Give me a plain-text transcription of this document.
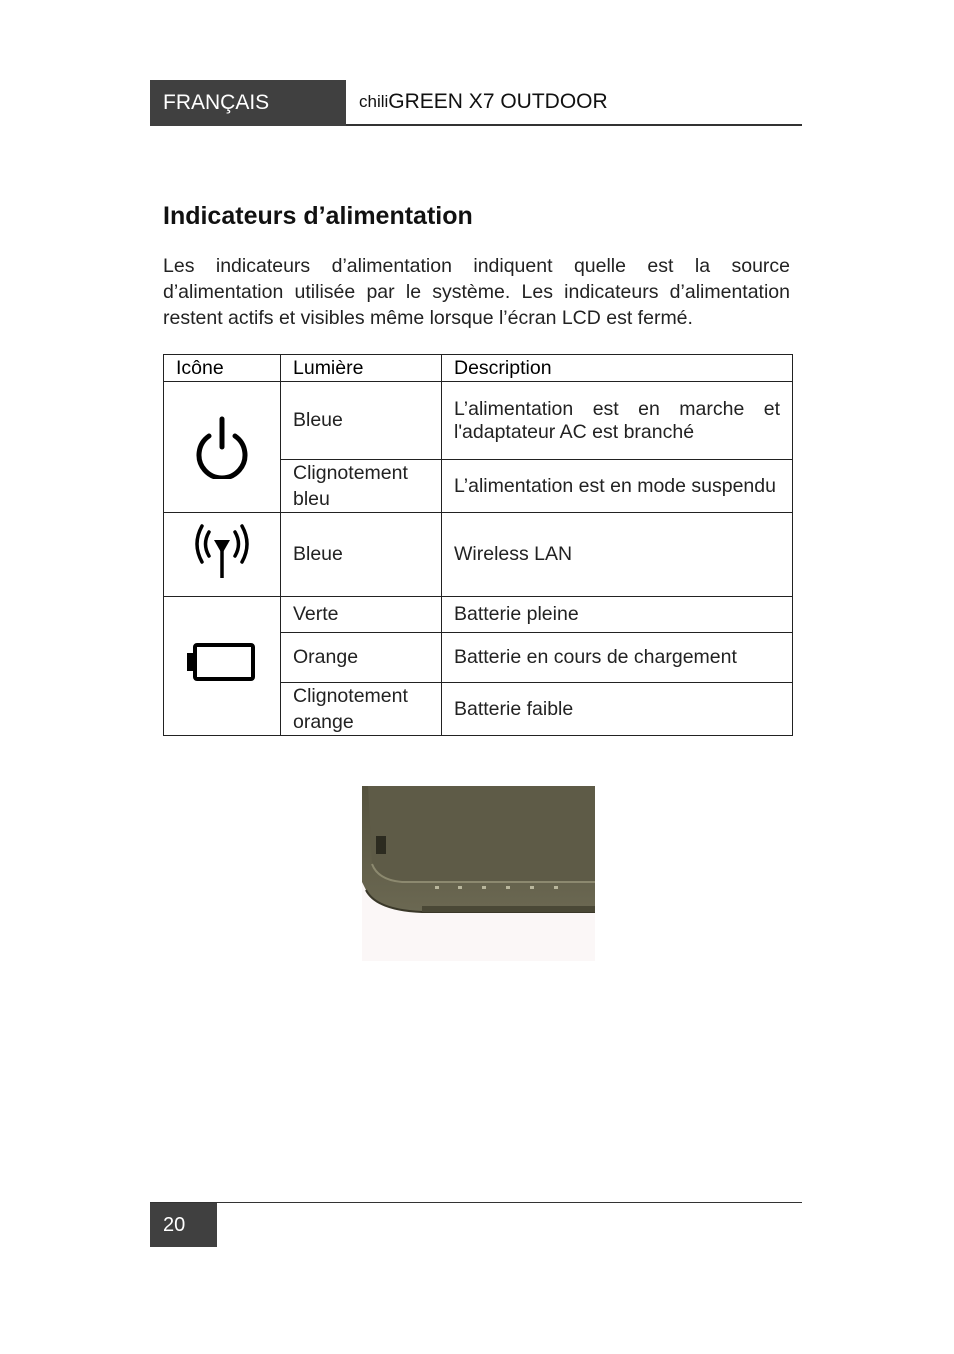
FRANÇAIS	chili GREEN X7 OUTDOOR
Indicateurs d’alimentation
Les indicateurs d’alimentation indiquent quelle est la source d’alimentation utilisée par le système. Les indicateurs d’alimentation restent actifs et visibles même lorsque l’écran LCD est fermé.
Icône	Lumière	Description
	Bleue	L’alimentation est en marche et l'adaptateur AC est branché
	Clignotement bleu	L’alimentation est en mode suspendu
	Bleue	Wireless LAN
	Verte	Batterie pleine
	Orange	Batterie en cours de chargement
	Clignotement orange	Batterie faible
20
